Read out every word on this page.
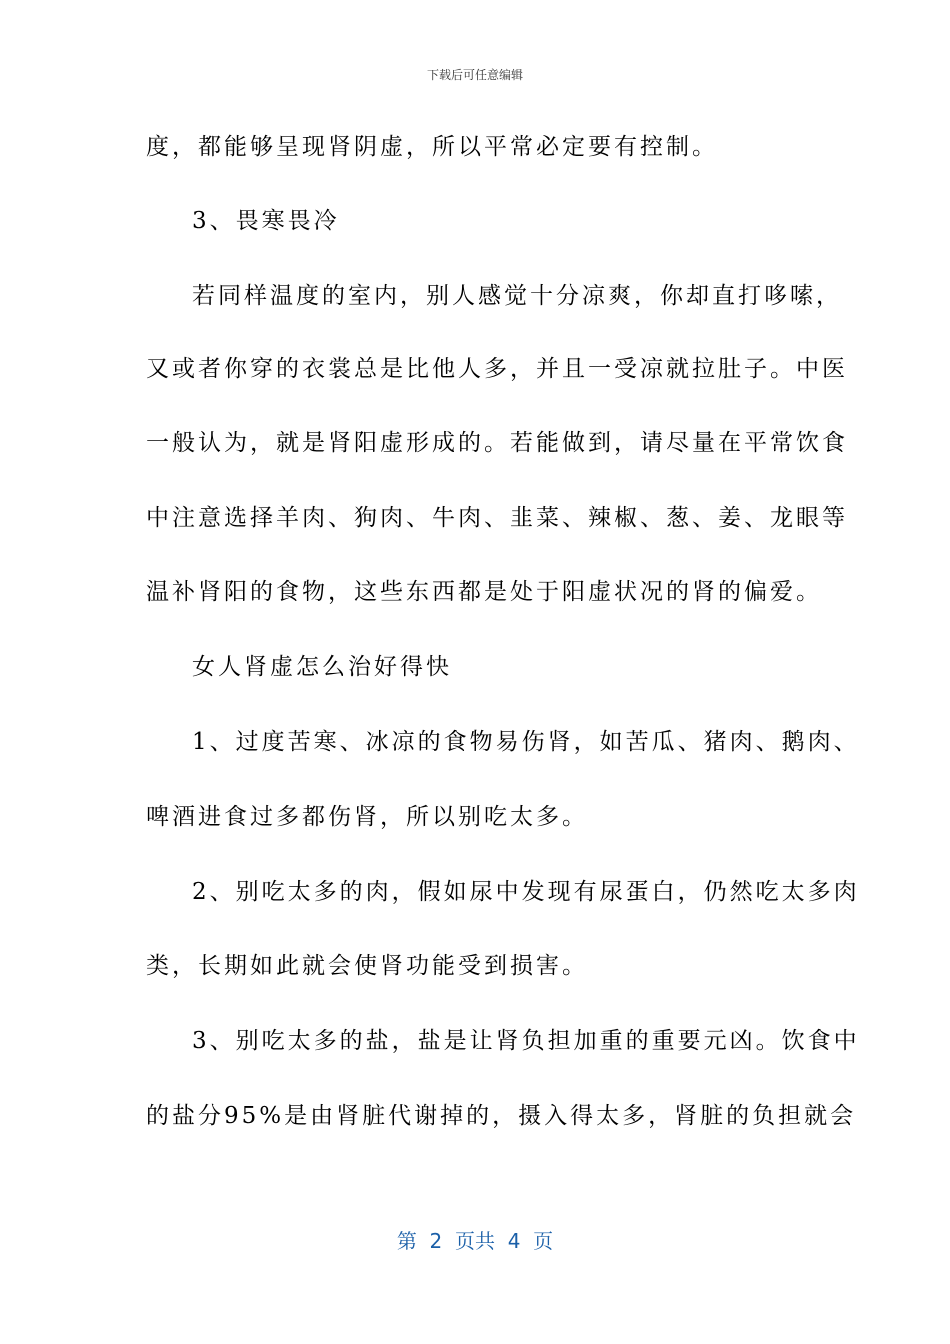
下载后可任意编辑
度，都能够呈现肾阴虚，所以平常必定要有控制。
3、畏寒畏冷
若同样温度的室内，别人感觉十分凉爽，你却直打哆嗦，
又或者你穿的衣裳总是比他人多，并且一受凉就拉肚子。中医
一般认为，就是肾阳虚形成的。若能做到，请尽量在平常饮食
中注意选择羊肉、狗肉、牛肉、韭菜、辣椒、葱、姜、龙眼等
温补肾阳的食物，这些东西都是处于阳虚状况的肾的偏爱。
女人肾虚怎么治好得快
1、过度苦寒、冰凉的食物易伤肾，如苦瓜、猪肉、鹅肉、
啤酒进食过多都伤肾，所以别吃太多。
2、别吃太多的肉，假如尿中发现有尿蛋白，仍然吃太多肉
类，长期如此就会使肾功能受到损害。
3、别吃太多的盐，盐是让肾负担加重的重要元凶。饮食中
的盐分95%是由肾脏代谢掉的，摄入得太多，肾脏的负担就会
第  2  页共  4  页
